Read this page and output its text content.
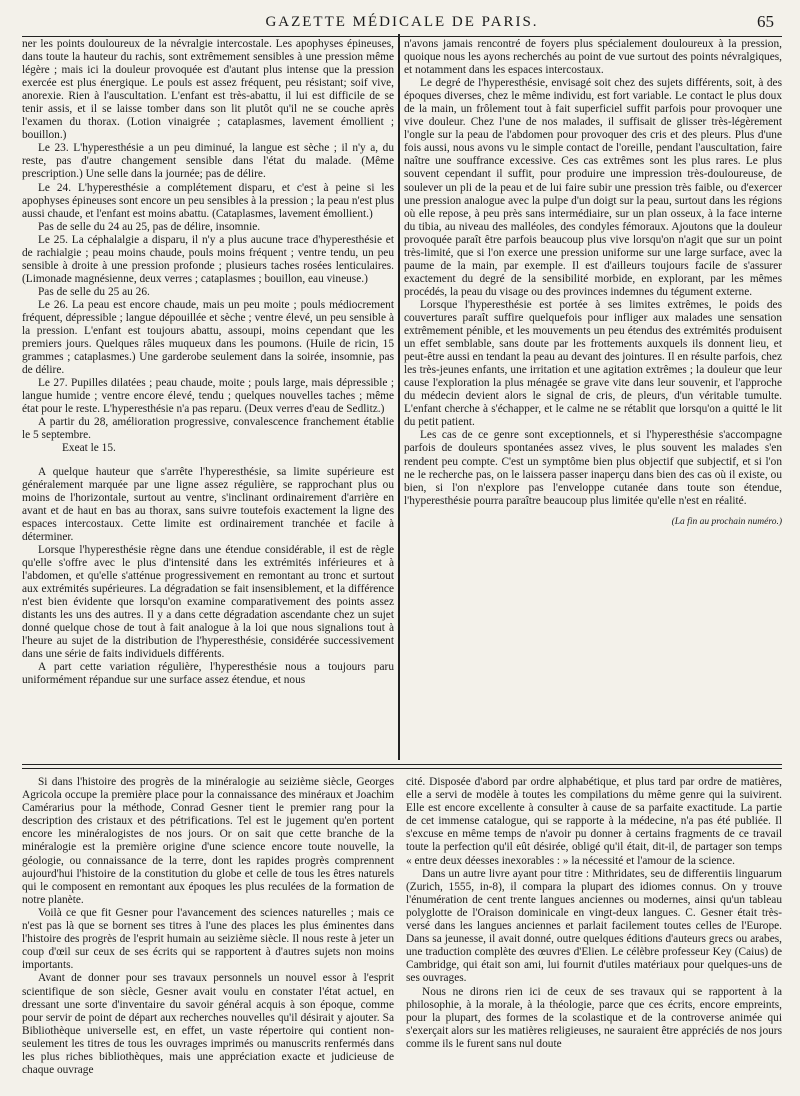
GAZETTE MÉDICALE DE PARIS.	65

ner les points douloureux de la névralgie intercostale. Les apophyses épineuses, dans toute la hauteur du rachis, sont extrêmement sensibles à une pression même légère ; mais ici la douleur provoquée est d'autant plus intense que la pression exercée est plus énergique. Le pouls est assez fréquent, peu résistant; soif vive, anorexie. Rien à l'auscultation. L'enfant est très-abattu, il lui est difficile de se tenir assis, et il se laisse tomber dans son lit plutôt qu'il ne se couche après l'examen du thorax. (Lotion vinaigrée ; cataplasmes, lavement émollient ; bouillon.)

Le 23. L'hyperesthésie a un peu diminué, la langue est sèche ; il n'y a, du reste, pas d'autre changement sensible dans l'état du malade. (Même prescription.) Une selle dans la journée; pas de délire.

Le 24. L'hyperesthésie a complétement disparu, et c'est à peine si les apophyses épineuses sont encore un peu sensibles à la pression ; la peau n'est plus aussi chaude, et l'enfant est moins abattu. (Cataplasmes, lavement émollient.)

Pas de selle du 24 au 25, pas de délire, insomnie.

Le 25. La céphalalgie a disparu, il n'y a plus aucune trace d'hyperesthésie et de rachialgie ; peau moins chaude, pouls moins fréquent ; ventre tendu, un peu sensible à droite à une pression profonde ; plusieurs taches rosées lenticulaires. (Limonade magnésienne, deux verres ; cataplasmes ; bouillon, eau vineuse.)

Pas de selle du 25 au 26.

Le 26. La peau est encore chaude, mais un peu moite ; pouls médiocrement fréquent, dépressible ; langue dépouillée et sèche ; ventre élevé, un peu sensible à la pression. L'enfant est toujours abattu, assoupi, moins cependant que les premiers jours. Quelques râles muqueux dans les poumons. (Huile de ricin, 15 grammes ; cataplasmes.) Une garderobe seulement dans la soirée, insomnie, pas de délire.

Le 27. Pupilles dilatées ; peau chaude, moite ; pouls large, mais dépressible ; langue humide ; ventre encore élevé, tendu ; quelques nouvelles taches ; même état pour le reste. L'hyperesthésie n'a pas reparu. (Deux verres d'eau de Sedlitz.)

A partir du 28, amélioration progressive, convalescence franchement établie le 5 septembre.

Exeat le 15.

A quelque hauteur que s'arrête l'hyperesthésie, sa limite supérieure est généralement marquée par une ligne assez régulière, se rapprochant plus ou moins de l'horizontale, surtout au ventre, s'inclinant ordinairement d'arrière en avant et de haut en bas au thorax, sans suivre toutefois exactement la ligne des espaces intercostaux. Cette limite est ordinairement tranchée et facile à déterminer.

Lorsque l'hyperesthésie règne dans une étendue considérable, il est de règle qu'elle s'offre avec le plus d'intensité dans les extrémités inférieures et à l'abdomen, et qu'elle s'atténue progressivement en remontant au tronc et surtout aux extrémités supérieures. La dégradation se fait insensiblement, et la différence n'est bien évidente que lorsqu'on examine comparativement des points assez distants les uns des autres. Il y a dans cette dégradation ascendante chez un sujet donné quelque chose de tout à fait analogue à la loi que nous signalions tout à l'heure au sujet de la distribution de l'hyperesthésie, considérée successivement dans une série de faits individuels différents.

A part cette variation régulière, l'hyperesthésie nous a toujours paru uniformément répandue sur une surface assez étendue, et nous

n'avons jamais rencontré de foyers plus spécialement douloureux à la pression, quoique nous les ayons recherchés au point de vue surtout des points névralgiques, et notamment dans les espaces intercostaux.

Le degré de l'hyperesthésie, envisagé soit chez des sujets différents, soit, à des époques diverses, chez le même individu, est fort variable. Le contact le plus doux de la main, un frôlement tout à fait superficiel suffit parfois pour provoquer une vive douleur. Chez l'une de nos malades, il suffisait de glisser très-légèrement l'ongle sur la peau de l'abdomen pour provoquer des cris et des pleurs. Plus d'une fois aussi, nous avons vu le simple contact de l'oreille, pendant l'auscultation, faire naître une souffrance excessive. Ces cas extrêmes sont les plus rares. Le plus souvent cependant il suffit, pour produire une impression très-douloureuse, de soulever un pli de la peau et de lui faire subir une pression très faible, ou d'exercer une pression analogue avec la pulpe d'un doigt sur la peau, surtout dans les régions où elle repose, à peu près sans intermédiaire, sur un plan osseux, à la face interne du tibia, au niveau des malléoles, des condyles fémoraux. Ajoutons que la douleur provoquée paraît être parfois beaucoup plus vive lorsqu'on n'agit que sur un point très-limité, que si l'on exerce une pression uniforme sur une large surface, avec la paume de la main, par exemple. Il est d'ailleurs toujours facile de s'assurer exactement du degré de la sensibilité morbide, en explorant, par les mêmes procédés, la peau du visage ou des provinces indemnes du tégument externe.

Lorsque l'hyperesthésie est portée à ses limites extrêmes, le poids des couvertures paraît suffire quelquefois pour infliger aux malades une sensation extrêmement pénible, et les mouvements un peu étendus des extrémités produisent un effet semblable, sans doute par les frottements auxquels ils donnent lieu, et peut-être aussi en tendant la peau au devant des jointures. Il en résulte parfois, chez les très-jeunes enfants, une irritation et une agitation extrêmes ; la douleur que leur cause l'exploration la plus ménagée se grave vite dans leur souvenir, et l'approche du médecin devient alors le signal de cris, de pleurs, d'un véritable tumulte. L'enfant cherche à s'échapper, et le calme ne se rétablit que lorsqu'on a quitté le lit du petit patient.

Les cas de ce genre sont exceptionnels, et si l'hyperesthésie s'accompagne parfois de douleurs spontanées assez vives, le plus souvent les malades s'en rendent peu compte. C'est un symptôme bien plus objectif que subjectif, et si l'on ne le recherche pas, on le laissera passer inaperçu dans bien des cas où il existe, ou bien, si l'on n'explore pas l'enveloppe cutanée dans toute son étendue, l'hyperesthésie pourra paraître beaucoup plus limitée qu'elle n'est en réalité.

(La fin au prochain numéro.)

Si dans l'histoire des progrès de la minéralogie au seizième siècle, Georges Agricola occupe la première place pour la connaissance des minéraux et Joachim Camérarius pour la méthode, Conrad Gesner tient le premier rang pour la description des cristaux et des pétrifications. Tel est le jugement qu'en portent encore les minéralogistes de nos jours. Or on sait que cette branche de la minéralogie est la première origine d'une science encore toute nouvelle, la géologie, ou connaissance de la terre, dont les rapides progrès comprennent aujourd'hui l'histoire de la constitution du globe et celle de tous les êtres naturels qui le composent en remontant aux époques les plus reculées de la formation de notre planète.

Voilà ce que fit Gesner pour l'avancement des sciences naturelles ; mais ce n'est pas là que se bornent ses titres à l'une des places les plus éminentes dans l'histoire des progrès de l'esprit humain au seizième siècle. Il nous reste à jeter un coup d'œil sur ceux de ses écrits qui se rapportent à d'autres sujets non moins importants.

Avant de donner pour ses travaux personnels un nouvel essor à l'esprit scientifique de son siècle, Gesner avait voulu en constater l'état actuel, en dressant une sorte d'inventaire du savoir général acquis à son époque, comme pour servir de point de départ aux recherches nouvelles qu'il désirait y ajouter. Sa Bibliothèque universelle est, en effet, un vaste répertoire qui contient non-seulement les titres de tous les ouvrages imprimés ou manuscrits renfermés dans les plus riches bibliothèques, mais une appréciation exacte et judicieuse de chaque ouvrage

cité. Disposée d'abord par ordre alphabétique, et plus tard par ordre de matières, elle a servi de modèle à toutes les compilations du même genre qui la suivirent. Elle est encore excellente à consulter à cause de sa parfaite exactitude. La partie de cet immense catalogue, qui se rapporte à la médecine, n'a pas été publiée. Il s'excuse en même temps de n'avoir pu donner à certains fragments de ce travail toute la perfection qu'il eût désirée, obligé qu'il était, dit-il, de partager son temps « entre deux déesses inexorables : » la nécessité et l'amour de la science.

Dans un autre livre ayant pour titre : Mithridates, seu de differentiis linguarum (Zurich, 1555, in-8), il compara la plupart des idiomes connus. On y trouve l'énumération de cent trente langues anciennes ou modernes, ainsi qu'un tableau polyglotte de l'Oraison dominicale en vingt-deux langues. C. Gesner était très-versé dans les langues anciennes et parlait facilement toutes celles de l'Europe. Dans sa jeunesse, il avait donné, outre quelques éditions d'auteurs grecs ou arabes, une traduction complète des œuvres d'Elien. Le célèbre professeur Key (Caius) de Cambridge, qui était son ami, lui fournit d'utiles matériaux pour quelques-uns de ses ouvrages.

Nous ne dirons rien ici de ceux de ses travaux qui se rapportent à la philosophie, à la morale, à la théologie, parce que ces écrits, encore empreints, pour la plupart, des formes de la scolastique et de la controverse animée qui s'exerçait alors sur les matières religieuses, ne sauraient être appréciés de nos jours comme ils le furent sans nul doute
